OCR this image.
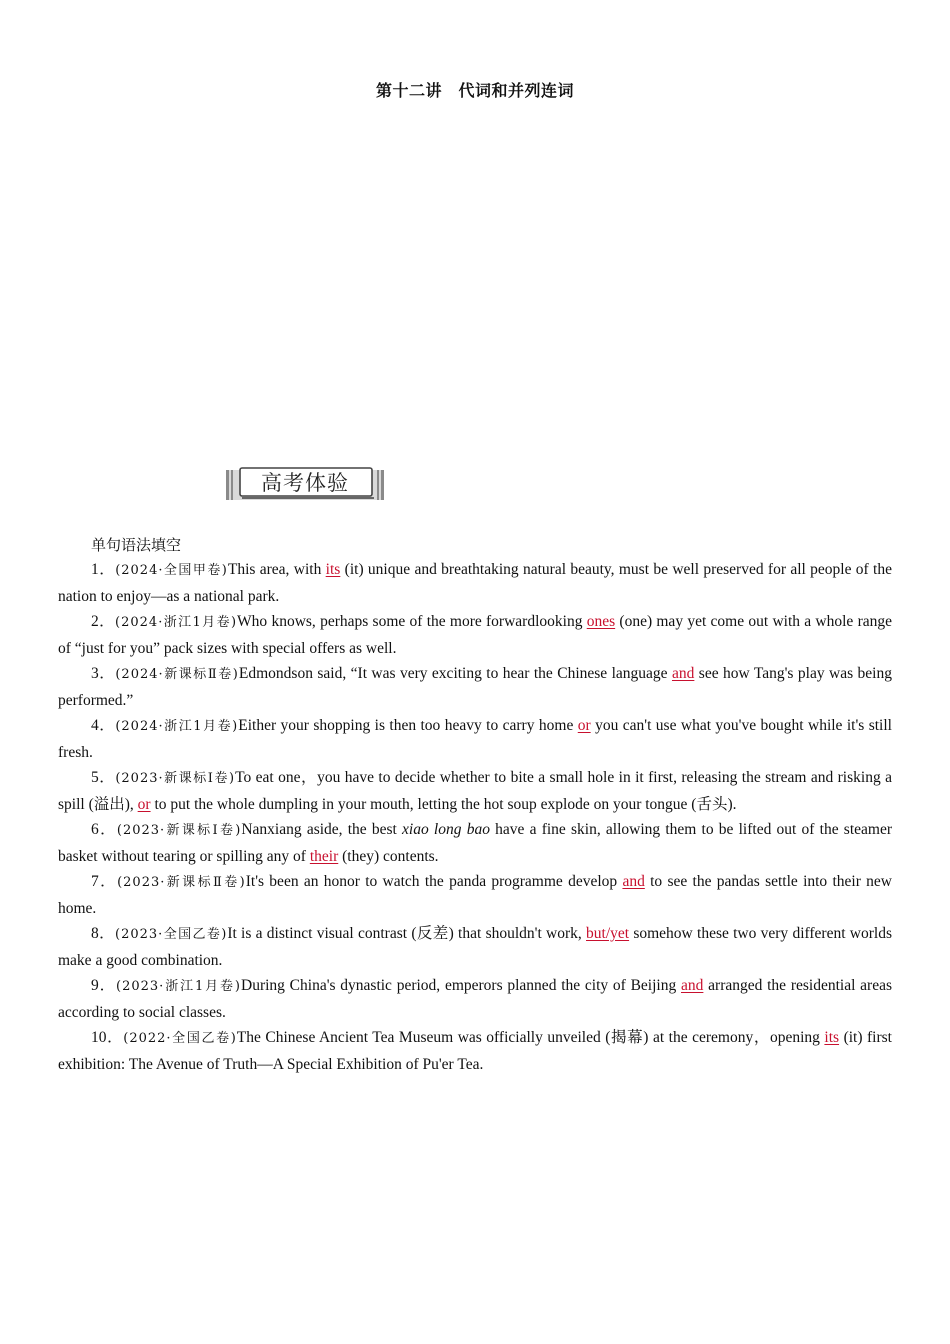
第十二讲　代词和并列连词
高考体验
单句语法填空

1．(2024·全国甲卷)This area, with its (it) unique and breathtaking natural beauty, must be well preserved for all people of the nation to enjoy—as a national park.

2．(2024·浙江1月卷)Who knows, perhaps some of the more forwardlooking ones (one) may yet come out with a whole range of “just for you” pack sizes with special offers as well.

3．(2024·新课标Ⅱ卷)Edmondson said, “It was very exciting to hear the Chinese language and see how Tang's play was being performed.”

4．(2024·浙江1月卷)Either your shopping is then too heavy to carry home or you can't use what you've bought while it's still fresh.

5．(2023·新课标Ⅰ卷)To eat one，you have to decide whether to bite a small hole in it first, releasing the stream and risking a spill (溢出), or to put the whole dumpling in your mouth, letting the hot soup explode on your tongue (舌头).

6．(2023·新课标Ⅰ卷)Nanxiang aside, the best xiao long bao have a fine skin, allowing them to be lifted out of the steamer basket without tearing or spilling any of their (they) contents.

7．(2023·新课标Ⅱ卷)It's been an honor to watch the panda programme develop and to see the pandas settle into their new home.

8．(2023·全国乙卷)It is a distinct visual contrast (反差) that shouldn't work, but/yet somehow these two very different worlds make a good combination.

9．(2023·浙江1月卷)During China's dynastic period, emperors planned the city of Beijing and arranged the residential areas according to social classes.

10．(2022·全国乙卷)The Chinese Ancient Tea Museum was officially unveiled (揭幕) at the ceremony，opening its (it) first exhibition: The Avenue of Truth—A Special Exhibition of Pu'er Tea.
